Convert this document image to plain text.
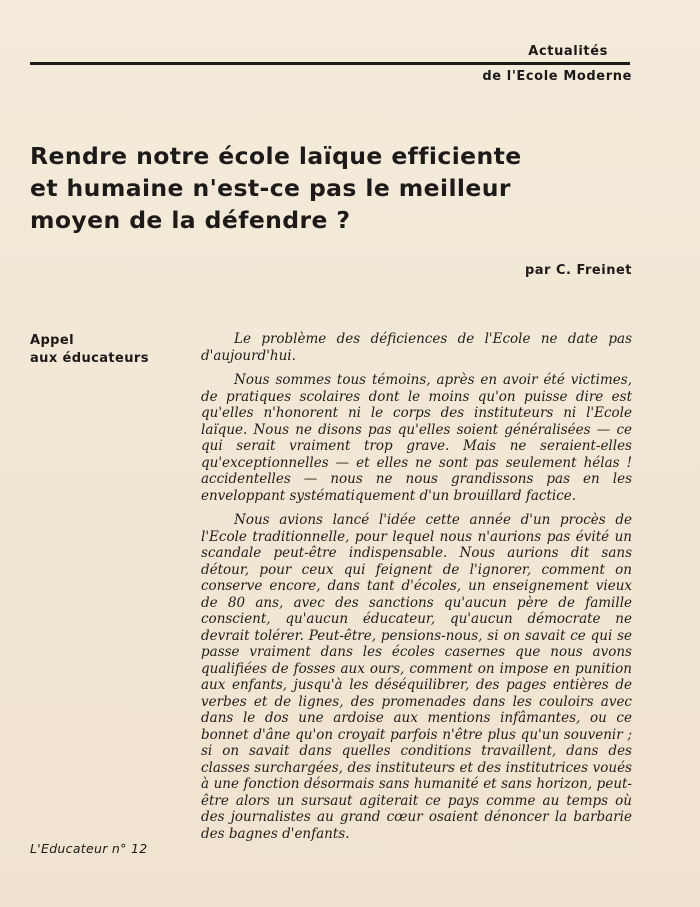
Actualités
de l'Ecole Moderne
Rendre notre école laïque efficiente
et humaine n'est-ce pas le meilleur
moyen de la défendre ?
par C. Freinet
Appel
aux éducateurs

Le problème des déficiences de l'Ecole ne date pas d'aujourd'hui.

Nous sommes tous témoins, après en avoir été victimes, de pratiques scolaires dont le moins qu'on puisse dire est qu'elles n'honorent ni le corps des instituteurs ni l'Ecole laïque. Nous ne disons pas qu'elles soient généralisées — ce qui serait vraiment trop grave. Mais ne seraient-elles qu'exceptionnelles — et elles ne sont pas seulement hélas ! accidentelles — nous ne nous grandissons pas en les enveloppant systématiquement d'un brouillard factice.

Nous avions lancé l'idée cette année d'un procès de l'Ecole traditionnelle, pour lequel nous n'aurions pas évité un scandale peut-être indispensable. Nous aurions dit sans détour, pour ceux qui feignent de l'ignorer, comment on conserve encore, dans tant d'écoles, un enseignement vieux de 80 ans, avec des sanctions qu'aucun père de famille conscient, qu'aucun éducateur, qu'aucun démocrate ne devrait tolérer. Peut-être, pensions-nous, si on savait ce qui se passe vraiment dans les écoles casernes que nous avons qualifiées de fosses aux ours, comment on impose en punition aux enfants, jusqu'à les déséquilibrer, des pages entières de verbes et de lignes, des promenades dans les couloirs avec dans le dos une ardoise aux mentions infâmantes, ou ce bonnet d'âne qu'on croyait parfois n'être plus qu'un souvenir ; si on savait dans quelles conditions travaillent, dans des classes surchargées, des instituteurs et des institutrices voués à une fonction désormais sans humanité et sans horizon, peut-être alors un sursaut agiterait ce pays comme au temps où des journalistes au grand cœur osaient dénoncer la barbarie des bagnes d'enfants.

L'Educateur n° 12
